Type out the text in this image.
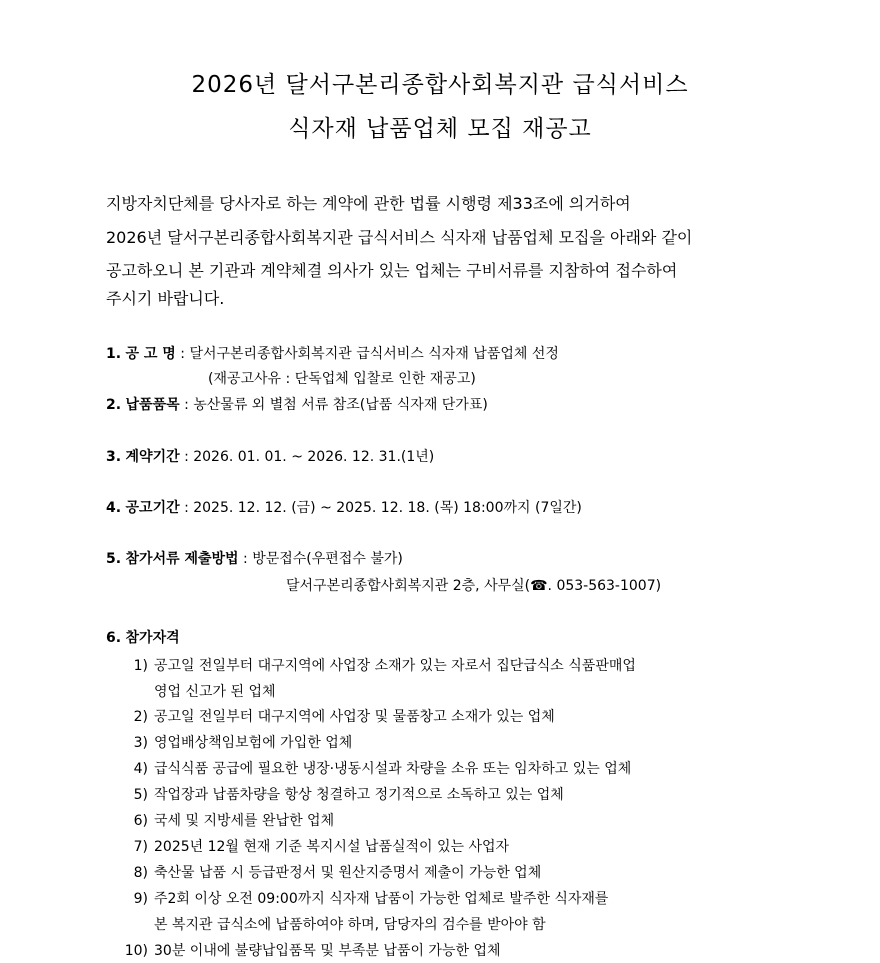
2026년 달서구본리종합사회복지관 급식서비스
식자재 납품업체 모집 재공고
지방자치단체를 당사자로 하는 계약에 관한 법률 시행령 제33조에 의거하여
2026년 달서구본리종합사회복지관 급식서비스 식자재 납품업체 모집을 아래와 같이
공고하오니 본 기관과 계약체결 의사가 있는 업체는 구비서류를 지참하여 접수하여
주시기 바랍니다.
1. 공 고 명 : 달서구본리종합사회복지관 급식서비스 식자재 납품업체 선정
(재공고사유 : 단독업체 입찰로 인한 재공고)
2. 납품품목 : 농산물류 외 별첨 서류 참조(납품 식자재 단가표)
3. 계약기간 : 2026. 01. 01. ~ 2026. 12. 31.(1년)
4. 공고기간 : 2025. 12. 12. (금) ~ 2025. 12. 18. (목) 18:00까지 (7일간)
5. 참가서류 제출방법 : 방문접수(우편접수 불가)
달서구본리종합사회복지관 2층, 사무실(☎. 053-563-1007)
6. 참가자격
1) 공고일 전일부터 대구지역에 사업장 소재가 있는 자로서 집단급식소 식품판매업
영업 신고가 된 업체
2) 공고일 전일부터 대구지역에 사업장 및 물품창고 소재가 있는 업체
3) 영업배상책임보험에 가입한 업체
4) 급식식품 공급에 필요한 냉장·냉동시설과 차량을 소유 또는 임차하고 있는 업체
5) 작업장과 납품차량을 항상 청결하고 정기적으로 소독하고 있는 업체
6) 국세 및 지방세를 완납한 업체
7) 2025년 12월 현재 기준 복지시설 납품실적이 있는 사업자
8) 축산물 납품 시 등급판정서 및 원산지증명서 제출이 가능한 업체
9) 주2회 이상 오전 09:00까지 식자재 납품이 가능한 업체로 발주한 식자재를
본 복지관 급식소에 납품하여야 하며, 담당자의 검수를 받아야 함
10) 30분 이내에 불량납입품목 및 부족분 납품이 가능한 업체
